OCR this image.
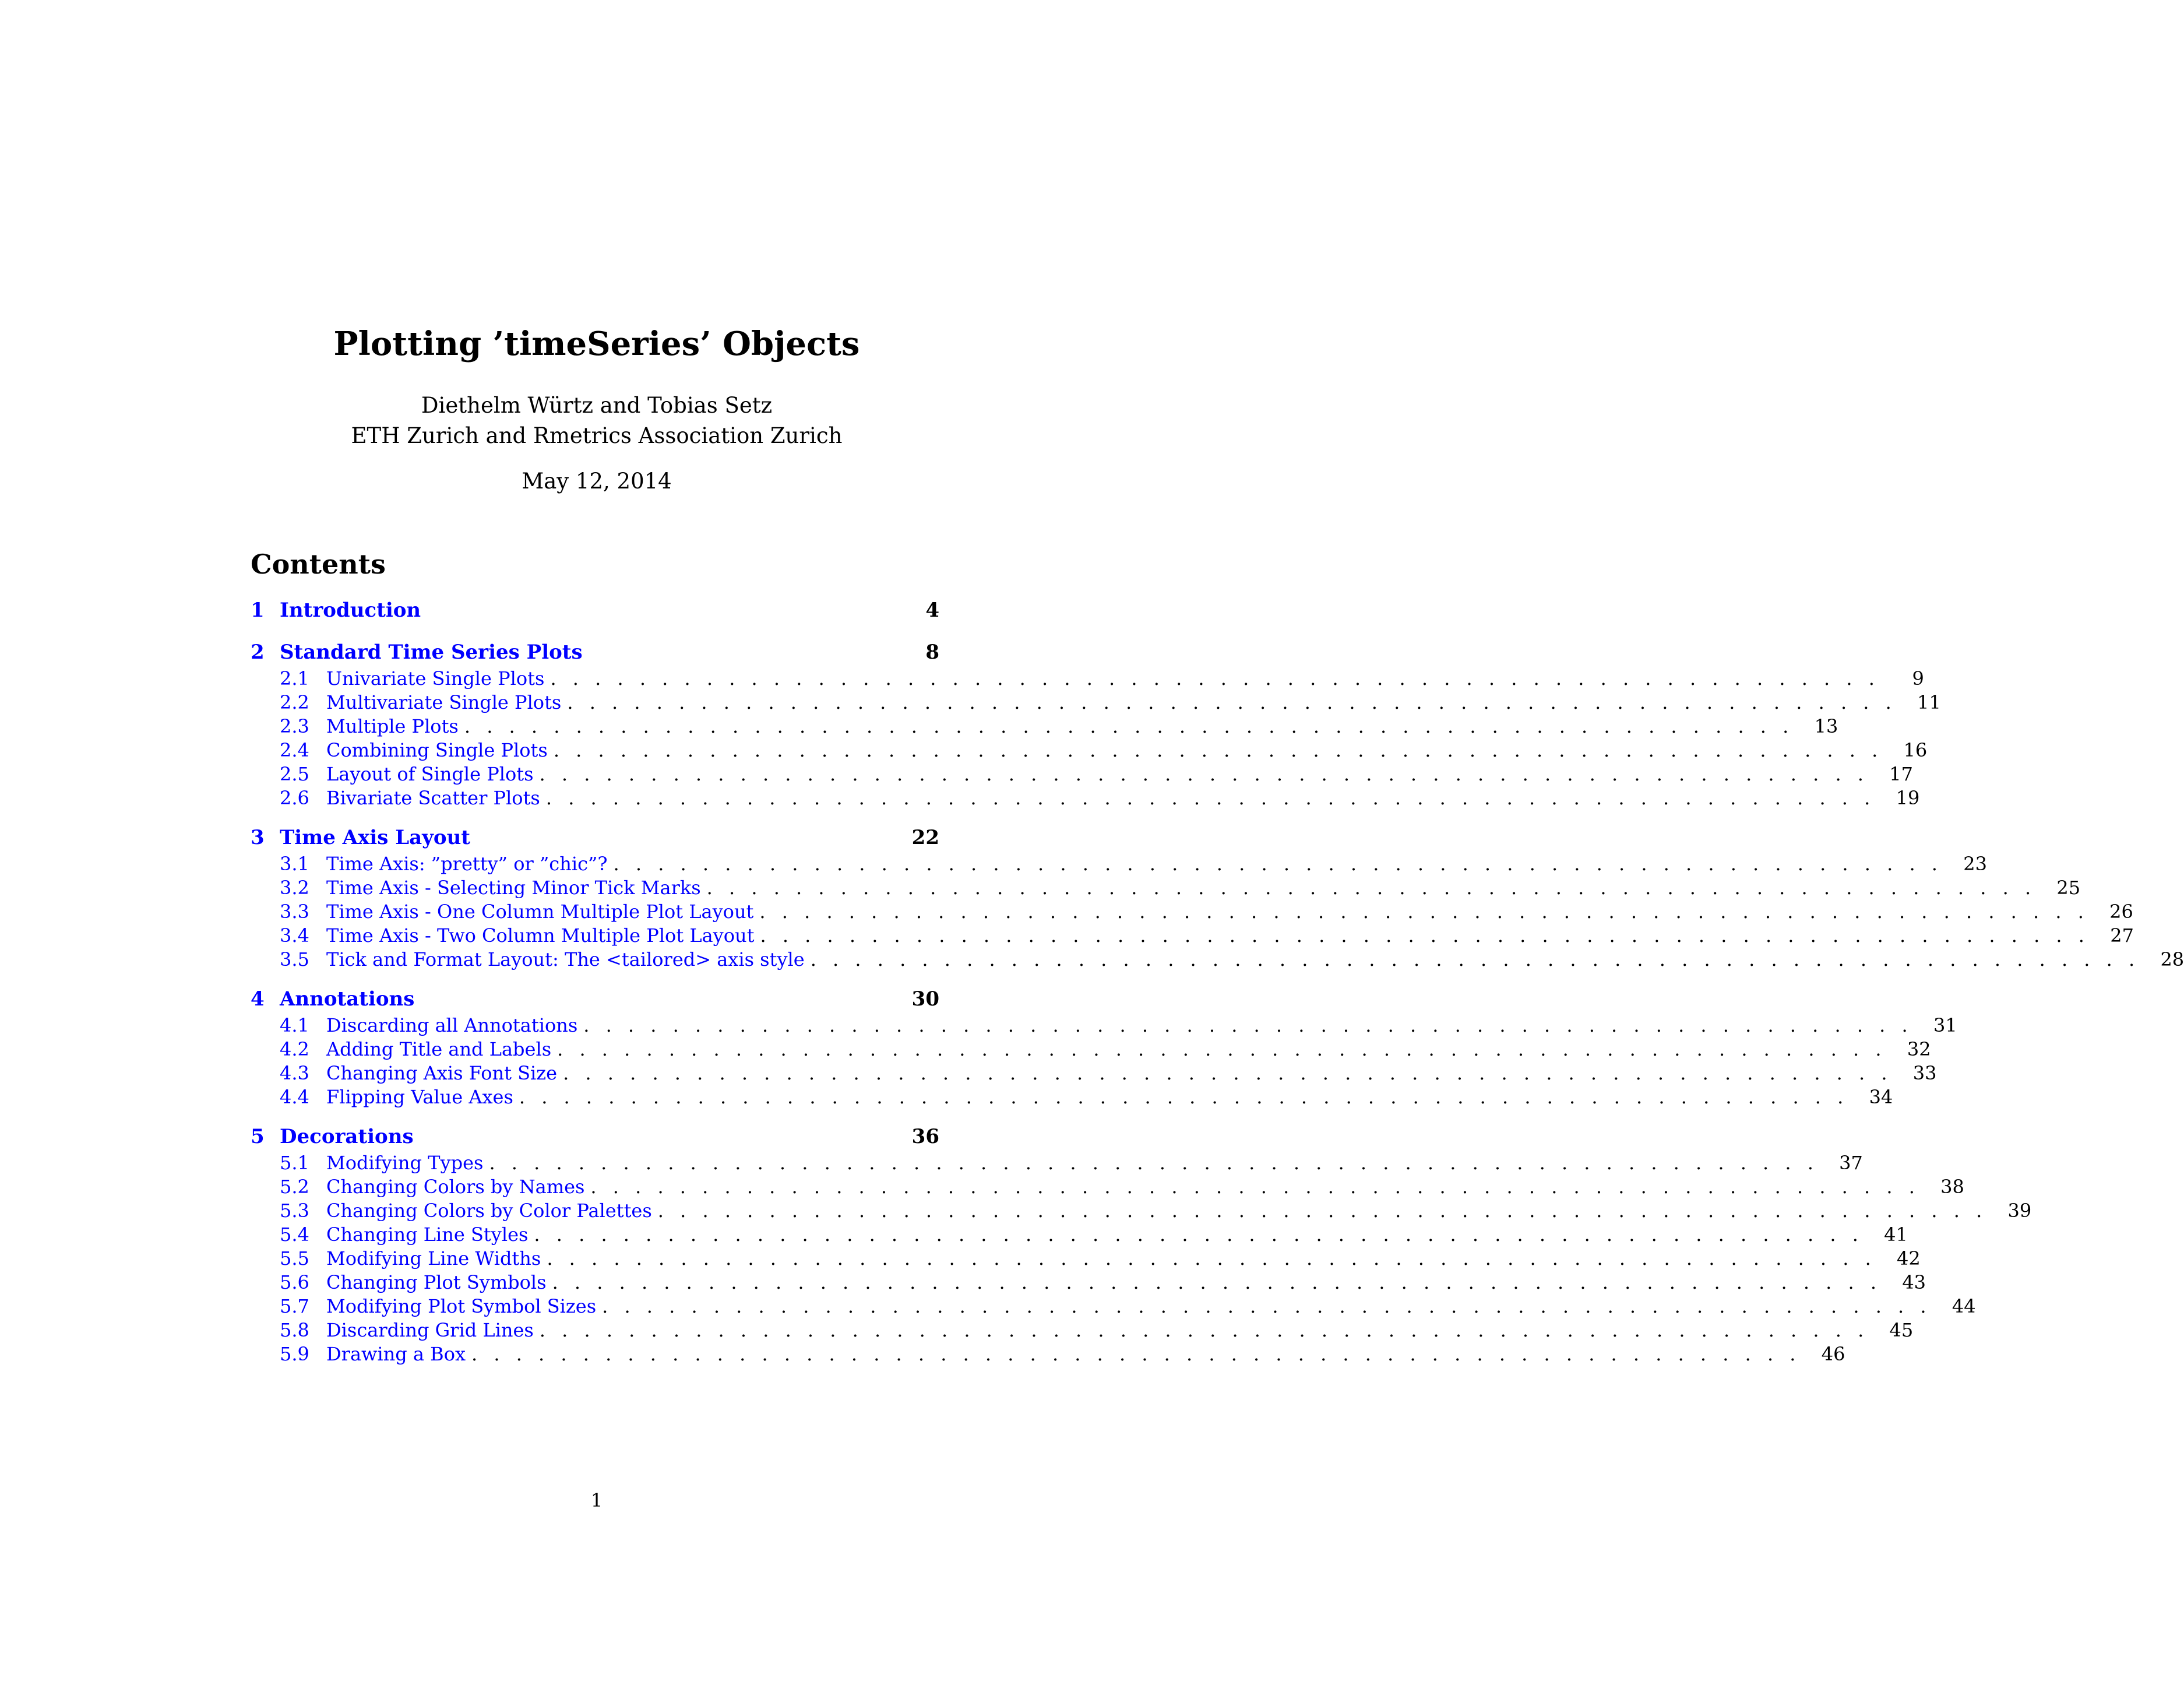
Plotting ’timeSeries’ Objects
Diethelm Würtz and Tobias Setz
ETH Zurich and Rmetrics Association Zurich
May 12, 2014
Contents
1 Introduction	4
2 Standard Time Series Plots	8
2.1 Univariate Single Plots . . . . . . . . . . . . . . . . . . . . . . . . . . . . . . . . . . . . . . . . . . . . . . . . . . . . . . . . . . . .	9
2.2 Multivariate Single Plots . . . . . . . . . . . . . . . . . . . . . . . . . . . . . . . . . . . . . . . . . . . . . . . . . . . . . . . . . . . .	11
2.3 Multiple Plots . . . . . . . . . . . . . . . . . . . . . . . . . . . . . . . . . . . . . . . . . . . . . . . . . . . . . . . . . . . .	13
2.4 Combining Single Plots . . . . . . . . . . . . . . . . . . . . . . . . . . . . . . . . . . . . . . . . . . . . . . . . . . . . . . . . . . . .	16
2.5 Layout of Single Plots . . . . . . . . . . . . . . . . . . . . . . . . . . . . . . . . . . . . . . . . . . . . . . . . . . . . . . . . . . . .	17
2.6 Bivariate Scatter Plots . . . . . . . . . . . . . . . . . . . . . . . . . . . . . . . . . . . . . . . . . . . . . . . . . . . . . . . . . . . .	19
3 Time Axis Layout	22
3.1 Time Axis: ”pretty” or ”chic”? . . . . . . . . . . . . . . . . . . . . . . . . . . . . . . . . . . . . . . . . . . . . . . . . . . . . . . . . . . . .	23
3.2 Time Axis - Selecting Minor Tick Marks . . . . . . . . . . . . . . . . . . . . . . . . . . . . . . . . . . . . . . . . . . . . . . . . . . . . . . . . . . . .	25
3.3 Time Axis - One Column Multiple Plot Layout . . . . . . . . . . . . . . . . . . . . . . . . . . . . . . . . . . . . . . . . . . . . . . . . . . . . . . . . . . . .	26
3.4 Time Axis - Two Column Multiple Plot Layout . . . . . . . . . . . . . . . . . . . . . . . . . . . . . . . . . . . . . . . . . . . . . . . . . . . . . . . . . . . .	27
3.5 Tick and Format Layout: The <tailored> axis style . . . . . . . . . . . . . . . . . . . . . . . . . . . . . . . . . . . . . . . . . . . . . . . . . . . . . . . . . . . .	28
4 Annotations	30
4.1 Discarding all Annotations . . . . . . . . . . . . . . . . . . . . . . . . . . . . . . . . . . . . . . . . . . . . . . . . . . . . . . . . . . . .	31
4.2 Adding Title and Labels . . . . . . . . . . . . . . . . . . . . . . . . . . . . . . . . . . . . . . . . . . . . . . . . . . . . . . . . . . . .	32
4.3 Changing Axis Font Size . . . . . . . . . . . . . . . . . . . . . . . . . . . . . . . . . . . . . . . . . . . . . . . . . . . . . . . . . . . .	33
4.4 Flipping Value Axes . . . . . . . . . . . . . . . . . . . . . . . . . . . . . . . . . . . . . . . . . . . . . . . . . . . . . . . . . . . .	34
5 Decorations	36
5.1 Modifying Types . . . . . . . . . . . . . . . . . . . . . . . . . . . . . . . . . . . . . . . . . . . . . . . . . . . . . . . . . . . .	37
5.2 Changing Colors by Names . . . . . . . . . . . . . . . . . . . . . . . . . . . . . . . . . . . . . . . . . . . . . . . . . . . . . . . . . . . .	38
5.3 Changing Colors by Color Palettes . . . . . . . . . . . . . . . . . . . . . . . . . . . . . . . . . . . . . . . . . . . . . . . . . . . . . . . . . . . .	39
5.4 Changing Line Styles . . . . . . . . . . . . . . . . . . . . . . . . . . . . . . . . . . . . . . . . . . . . . . . . . . . . . . . . . . . .	41
5.5 Modifying Line Widths . . . . . . . . . . . . . . . . . . . . . . . . . . . . . . . . . . . . . . . . . . . . . . . . . . . . . . . . . . . .	42
5.6 Changing Plot Symbols . . . . . . . . . . . . . . . . . . . . . . . . . . . . . . . . . . . . . . . . . . . . . . . . . . . . . . . . . . . .	43
5.7 Modifying Plot Symbol Sizes . . . . . . . . . . . . . . . . . . . . . . . . . . . . . . . . . . . . . . . . . . . . . . . . . . . . . . . . . . . .	44
5.8 Discarding Grid Lines . . . . . . . . . . . . . . . . . . . . . . . . . . . . . . . . . . . . . . . . . . . . . . . . . . . . . . . . . . . .	45
5.9 Drawing a Box . . . . . . . . . . . . . . . . . . . . . . . . . . . . . . . . . . . . . . . . . . . . . . . . . . . . . . . . . . . .	46
1
